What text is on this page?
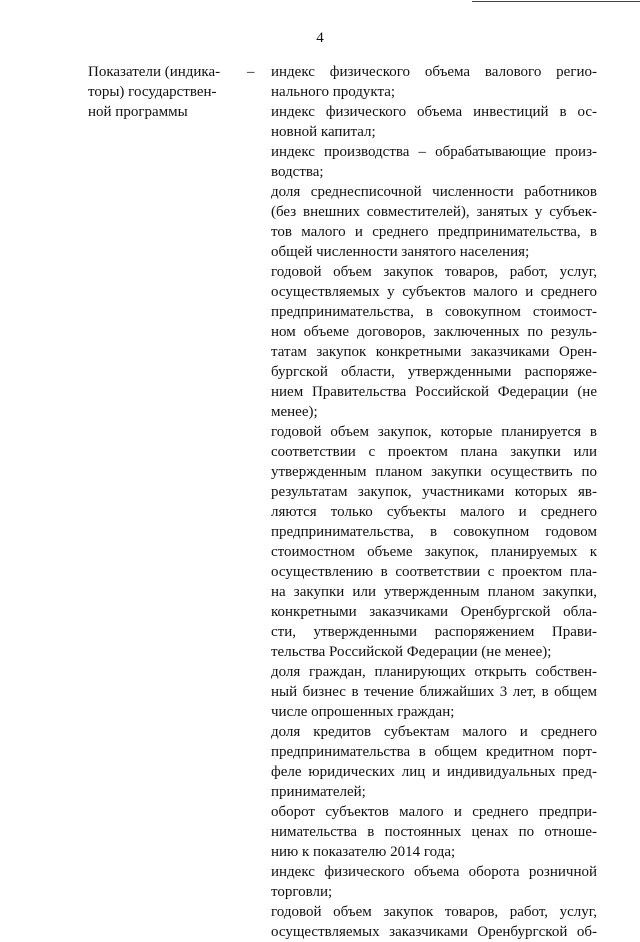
4
Показатели (индика-
торы) государствен-
ной программы
– индекс физического объема валового регио-
нального продукта;
индекс физического объема инвестиций в ос-
новной капитал;
индекс производства – обрабатывающие произ-
водства;
доля среднесписочной численности работников
(без внешних совместителей), занятых у субъек-
тов малого и среднего предпринимательства, в
общей численности занятого населения;
годовой объем закупок товаров, работ, услуг,
осуществляемых у субъектов малого и среднего
предпринимательства, в совокупном стоимост-
ном объеме договоров, заключенных по резуль-
татам закупок конкретными заказчиками Орен-
бургской области, утвержденными распоряже-
нием Правительства Российской Федерации (не
менее);
годовой объем закупок, которые планируется в
соответствии с проектом плана закупки или
утвержденным планом закупки осуществить по
результатам закупок, участниками которых яв-
ляются только субъекты малого и среднего
предпринимательства, в совокупном годовом
стоимостном объеме закупок, планируемых к
осуществлению в соответствии с проектом пла-
на закупки или утвержденным планом закупки,
конкретными заказчиками Оренбургской обла-
сти, утвержденными распоряжением Прави-
тельства Российской Федерации (не менее);
доля граждан, планирующих открыть собствен-
ный бизнес в течение ближайших 3 лет, в общем
числе опрошенных граждан;
доля кредитов субъектам малого и среднего
предпринимательства в общем кредитном порт-
феле юридических лиц и индивидуальных пред-
принимателей;
оборот субъектов малого и среднего предпри-
нимательства в постоянных ценах по отноше-
нию к показателю 2014 года;
индекс физического объема оборота розничной
торговли;
годовой объем закупок товаров, работ, услуг,
осуществляемых заказчиками Оренбургской об-
